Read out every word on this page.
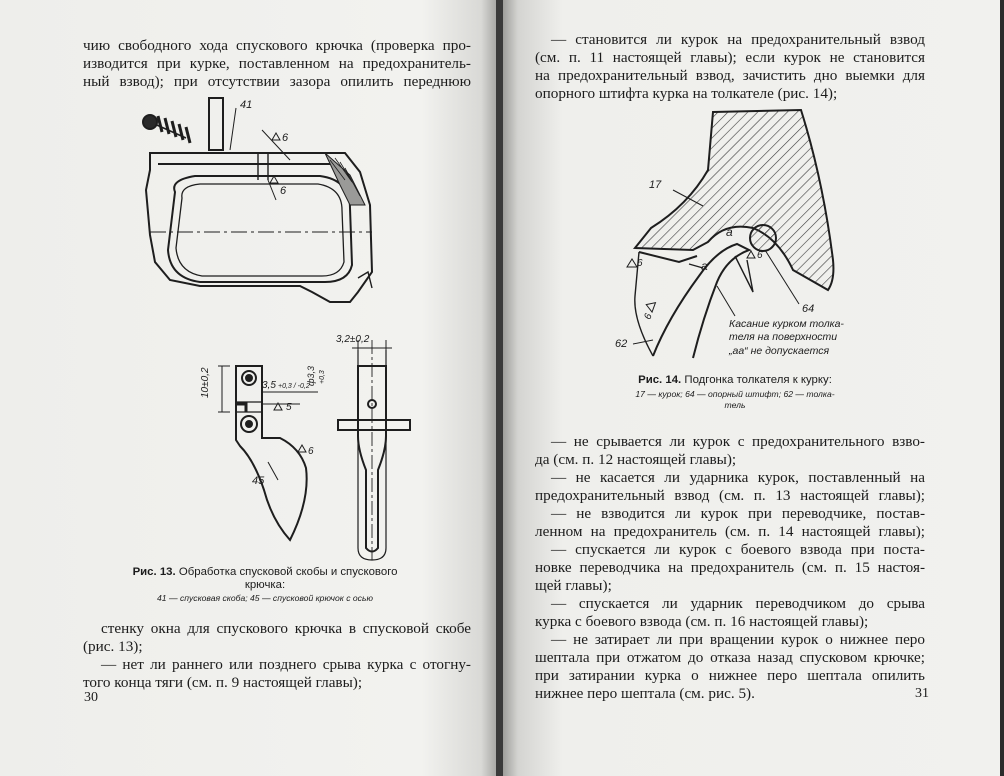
чию свободного хода спускового крючка (проверка про-
изводится при курке, поставленном на предохранитель-
ный взвод); при отсутствии зазора опилить переднюю
41
6
6
10±0,2	3,5 +0,3 / -0,2
ф3,3 +0,3
5
6
45
3,2±0,2
Рис. 13. Обработка спусковой скобы и спускового
крючка:
41 — спусковая скоба; 45 — спусковой крючок с осью
стенку окна для спускового крючка в спусковой скобе
(рис. 13);
— нет ли раннего или позднего срыва курка с отогну-
того конца тяги (см. п. 9 настоящей главы);
30
— становится ли курок на предохранительный взвод
(см. п. 11 настоящей главы); если курок не становится
на предохранительный взвод, зачистить дно выемки для
опорного штифта курка на толкателе (рис. 14);
17
64
62
а
а
6
6
6
Касание курком толка-
теля на поверхности
„аа“ не допускается
Рис. 14. Подгонка толкателя к курку:
17 — курок; 64 — опорный штифт; 62 — толка-
тель
— не срывается ли курок с предохранительного взво-
да (см. п. 12 настоящей главы);
— не касается ли ударника курок, поставленный на
предохранительный взвод (см. п. 13 настоящей главы);
— не взводится ли курок при переводчике, постав-
ленном на предохранитель (см. п. 14 настоящей главы);
— спускается ли курок с боевого взвода при поста-
новке переводчика на предохранитель (см. п. 15 настоя-
щей главы);
— спускается ли ударник переводчиком до срыва
курка с боевого взвода (см. п. 16 настоящей главы);
— не затирает ли при вращении курок о нижнее перо
шептала при отжатом до отказа назад спусковом крючке;
при затирании курка о нижнее перо шептала опилить
нижнее перо шептала (см. рис. 5).	31
